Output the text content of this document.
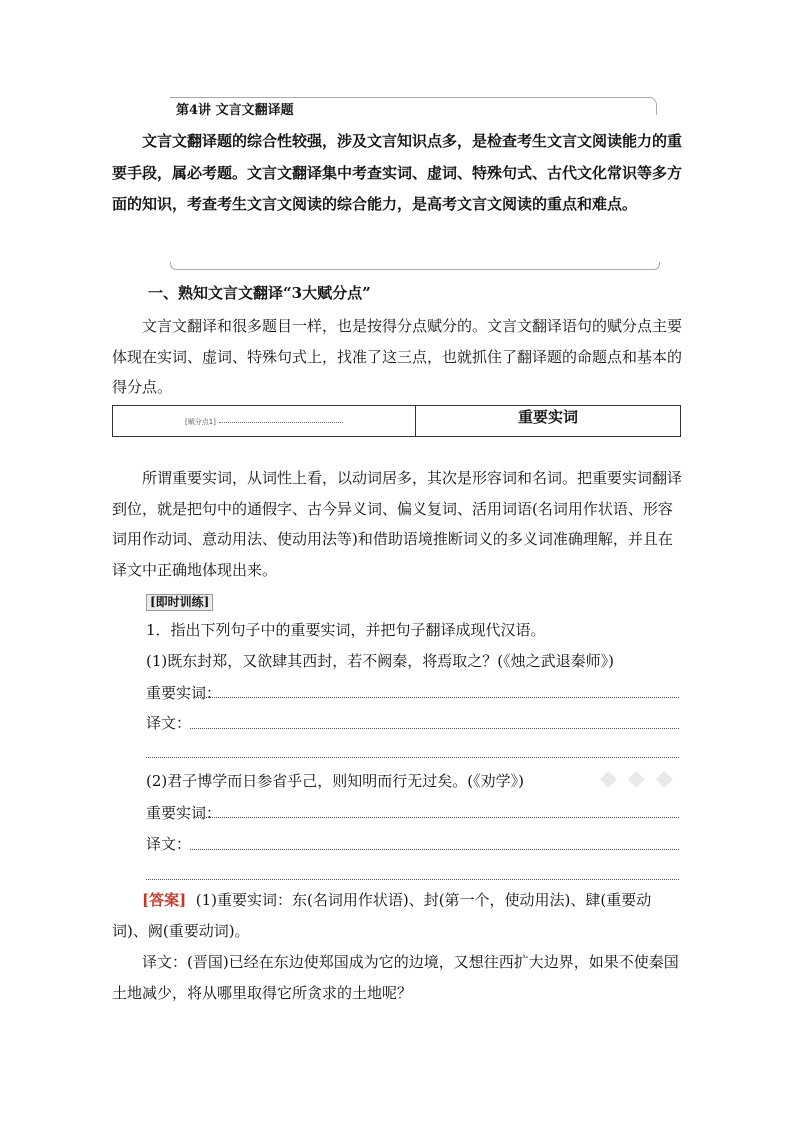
第4讲 文言文翻译题

文言文翻译题的综合性较强，涉及文言知识点多，是检查考生文言文阅读能力的重要手段，属必考题。文言文翻译集中考查实词、虚词、特殊句式、古代文化常识等多方面的知识，考查考生文言文阅读的综合能力，是高考文言文阅读的重点和难点。

一、熟知文言文翻译“3大赋分点”

文言文翻译和很多题目一样，也是按得分点赋分的。文言文翻译语句的赋分点主要体现在实词、虚词、特殊句式上，找准了这三点，也就抓住了翻译题的命题点和基本的得分点。

[赋分点1]	重要实词

所谓重要实词，从词性上看，以动词居多，其次是形容词和名词。把重要实词翻译到位，就是把句中的通假字、古今异义词、偏义复词、活用词语(名词用作状语、形容词用作动词、意动用法、使动用法等)和借助语境推断词义的多义词准确理解，并且在译文中正确地体现出来。

[即时训练]
1．指出下列句子中的重要实词，并把句子翻译成现代汉语。
(1)既东封郑，又欲肆其西封，若不阙秦，将焉取之？(《烛之武退秦师》)
重要实词：
译文：
(2)君子博学而日参省乎己，则知明而行无过矣。(《劝学》)
重要实词：
译文：

[答案] (1)重要实词：东(名词用作状语)、封(第一个，使动用法)、肆(重要动词)、阙(重要动词)。

译文：(晋国)已经在东边使郑国成为它的边境，又想往西扩大边界，如果不使秦国土地减少，将从哪里取得它所贪求的土地呢？

◆ ◆ ◆
